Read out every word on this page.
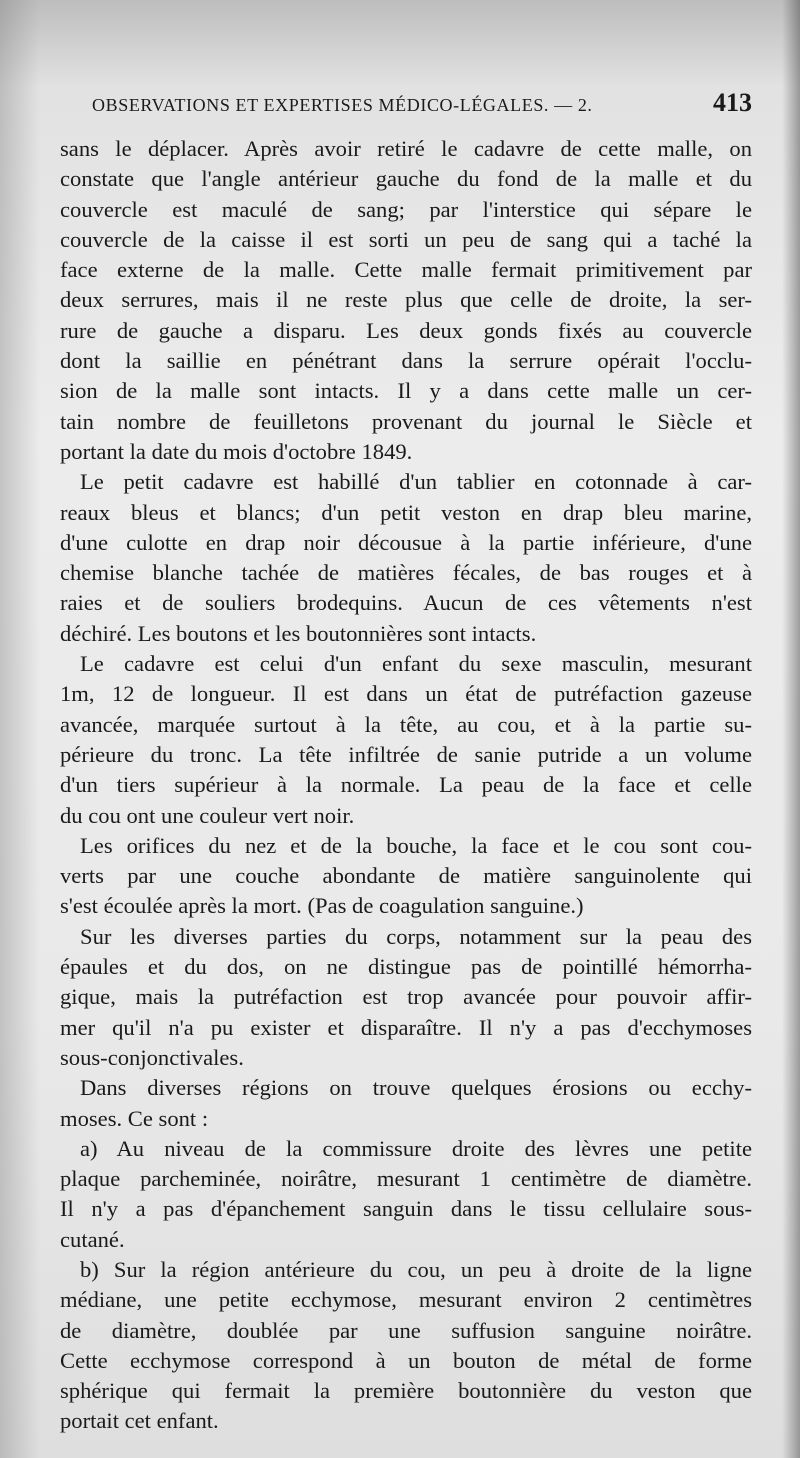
OBSERVATIONS ET EXPERTISES MÉDICO-LÉGALES. — 2.	413
sans le déplacer. Après avoir retiré le cadavre de cette malle, on
constate que l'angle antérieur gauche du fond de la malle et du
couvercle est maculé de sang; par l'interstice qui sépare le
couvercle de la caisse il est sorti un peu de sang qui a taché la
face externe de la malle. Cette malle fermait primitivement par
deux serrures, mais il ne reste plus que celle de droite, la ser-
rure de gauche a disparu. Les deux gonds fixés au couvercle
dont la saillie en pénétrant dans la serrure opérait l'occlu-
sion de la malle sont intacts. Il y a dans cette malle un cer-
tain nombre de feuilletons provenant du journal le Siècle et
portant la date du mois d'octobre 1849.
Le petit cadavre est habillé d'un tablier en cotonnade à car-
reaux bleus et blancs; d'un petit veston en drap bleu marine,
d'une culotte en drap noir décousue à la partie inférieure, d'une
chemise blanche tachée de matières fécales, de bas rouges et à
raies et de souliers brodequins. Aucun de ces vêtements n'est
déchiré. Les boutons et les boutonnières sont intacts.
Le cadavre est celui d'un enfant du sexe masculin, mesurant
1m, 12 de longueur. Il est dans un état de putréfaction gazeuse
avancée, marquée surtout à la tête, au cou, et à la partie su-
périeure du tronc. La tête infiltrée de sanie putride a un volume
d'un tiers supérieur à la normale. La peau de la face et celle
du cou ont une couleur vert noir.
Les orifices du nez et de la bouche, la face et le cou sont cou-
verts par une couche abondante de matière sanguinolente qui
s'est écoulée après la mort. (Pas de coagulation sanguine.)
Sur les diverses parties du corps, notamment sur la peau des
épaules et du dos, on ne distingue pas de pointillé hémorrha-
gique, mais la putréfaction est trop avancée pour pouvoir affir-
mer qu'il n'a pu exister et disparaître. Il n'y a pas d'ecchymoses
sous-conjonctivales.
Dans diverses régions on trouve quelques érosions ou ecchy-
moses. Ce sont :
a) Au niveau de la commissure droite des lèvres une petite
plaque parcheminée, noirâtre, mesurant 1 centimètre de diamètre.
Il n'y a pas d'épanchement sanguin dans le tissu cellulaire sous-
cutané.
b) Sur la région antérieure du cou, un peu à droite de la ligne
médiane, une petite ecchymose, mesurant environ 2 centimètres
de diamètre, doublée par une suffusion sanguine noirâtre.
Cette ecchymose correspond à un bouton de métal de forme
sphérique qui fermait la première boutonnière du veston que
portait cet enfant.
